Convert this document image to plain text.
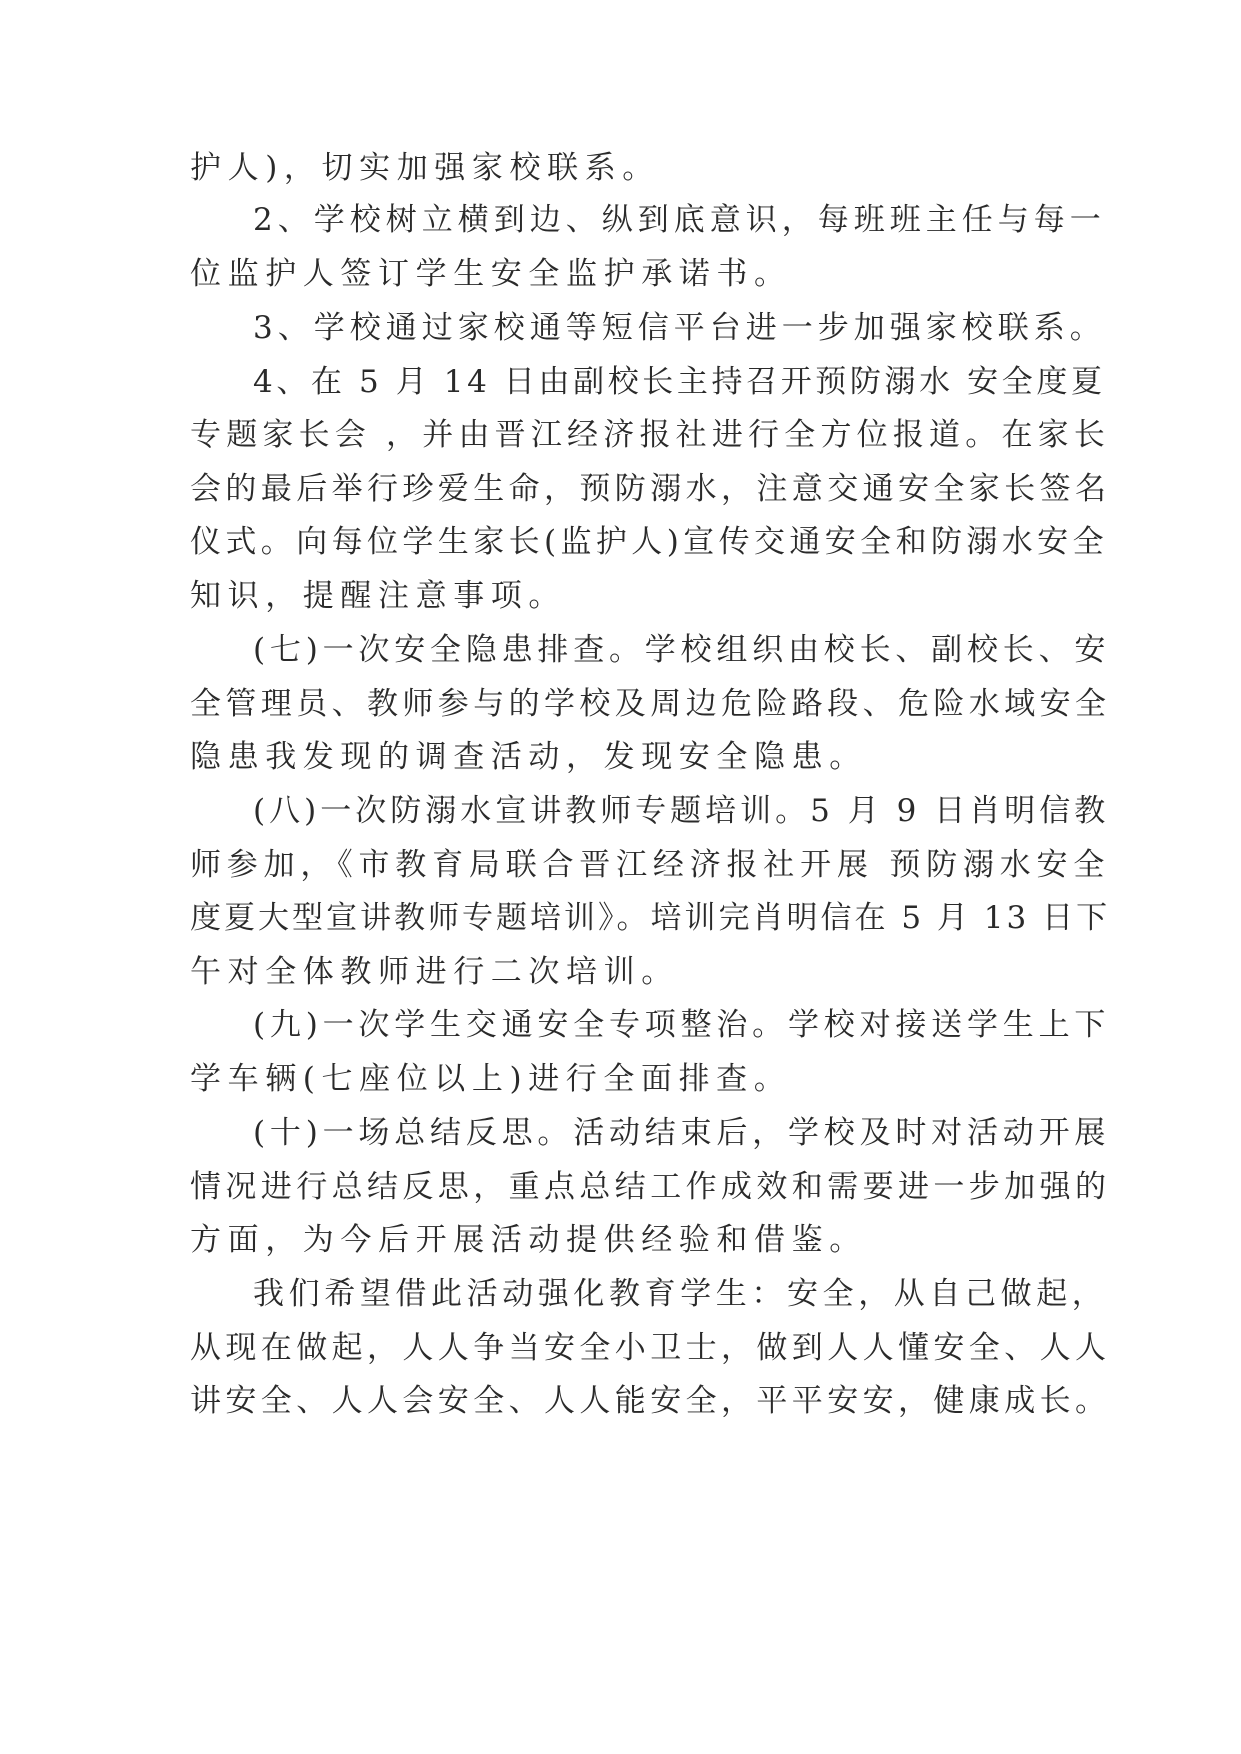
护人)，切实加强家校联系。
2、学校树立横到边、纵到底意识，每班班主任与每一
位监护人签订学生安全监护承诺书。
3、学校通过家校通等短信平台进一步加强家校联系。
4、在 5 月 14 日由副校长主持召开预防溺水 安全度夏
专题家长会 ，并由晋江经济报社进行全方位报道。在家长
会的最后举行珍爱生命，预防溺水，注意交通安全家长签名
仪式。向每位学生家长(监护人)宣传交通安全和防溺水安全
知识，提醒注意事项。
(七)一次安全隐患排查。学校组织由校长、副校长、安
全管理员、教师参与的学校及周边危险路段、危险水域安全
隐患我发现的调查活动，发现安全隐患。
(八)一次防溺水宣讲教师专题培训。5 月 9 日肖明信教
师参加，《市教育局联合晋江经济报社开展 预防溺水安全
度夏大型宣讲教师专题培训》。培训完肖明信在 5 月 13 日下
午对全体教师进行二次培训。
(九)一次学生交通安全专项整治。学校对接送学生上下
学车辆(七座位以上)进行全面排查。
(十)一场总结反思。活动结束后，学校及时对活动开展
情况进行总结反思，重点总结工作成效和需要进一步加强的
方面，为今后开展活动提供经验和借鉴。
我们希望借此活动强化教育学生：安全，从自己做起，
从现在做起，人人争当安全小卫士，做到人人懂安全、人人
讲安全、人人会安全、人人能安全，平平安安，健康成长。
